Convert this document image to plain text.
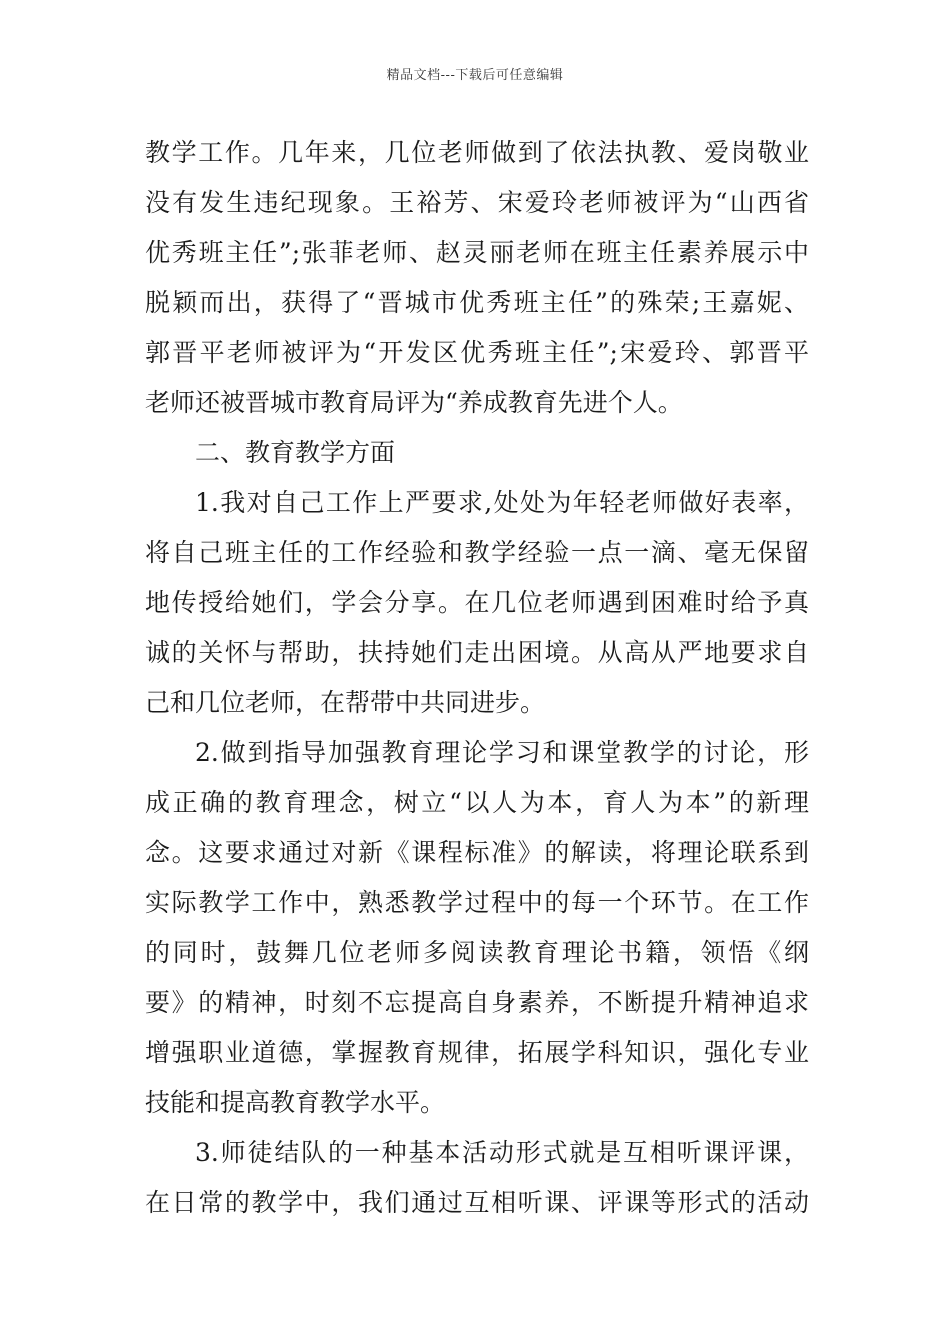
精品文档---下载后可任意编辑
教学工作。几年来，几位老师做到了依法执教、爱岗敬业
没有发生违纪现象。王裕芳、宋爱玲老师被评为“山西省
优秀班主任”;张菲老师、赵灵丽老师在班主任素养展示中
脱颖而出，获得了“晋城市优秀班主任”的殊荣;王嘉妮、
郭晋平老师被评为“开发区优秀班主任”;宋爱玲、郭晋平
老师还被晋城市教育局评为“养成教育先进个人。
二、教育教学方面
1.我对自己工作上严要求,处处为年轻老师做好表率，
将自己班主任的工作经验和教学经验一点一滴、毫无保留
地传授给她们，学会分享。在几位老师遇到困难时给予真
诚的关怀与帮助，扶持她们走出困境。从高从严地要求自
己和几位老师，在帮带中共同进步。
2.做到指导加强教育理论学习和课堂教学的讨论，形
成正确的教育理念，树立“以人为本，育人为本”的新理
念。这要求通过对新《课程标准》的解读，将理论联系到
实际教学工作中，熟悉教学过程中的每一个环节。在工作
的同时，鼓舞几位老师多阅读教育理论书籍，领悟《纲
要》的精神，时刻不忘提高自身素养，不断提升精神追求
增强职业道德，掌握教育规律，拓展学科知识，强化专业
技能和提高教育教学水平。
3.师徒结队的一种基本活动形式就是互相听课评课，
在日常的教学中，我们通过互相听课、评课等形式的活动
